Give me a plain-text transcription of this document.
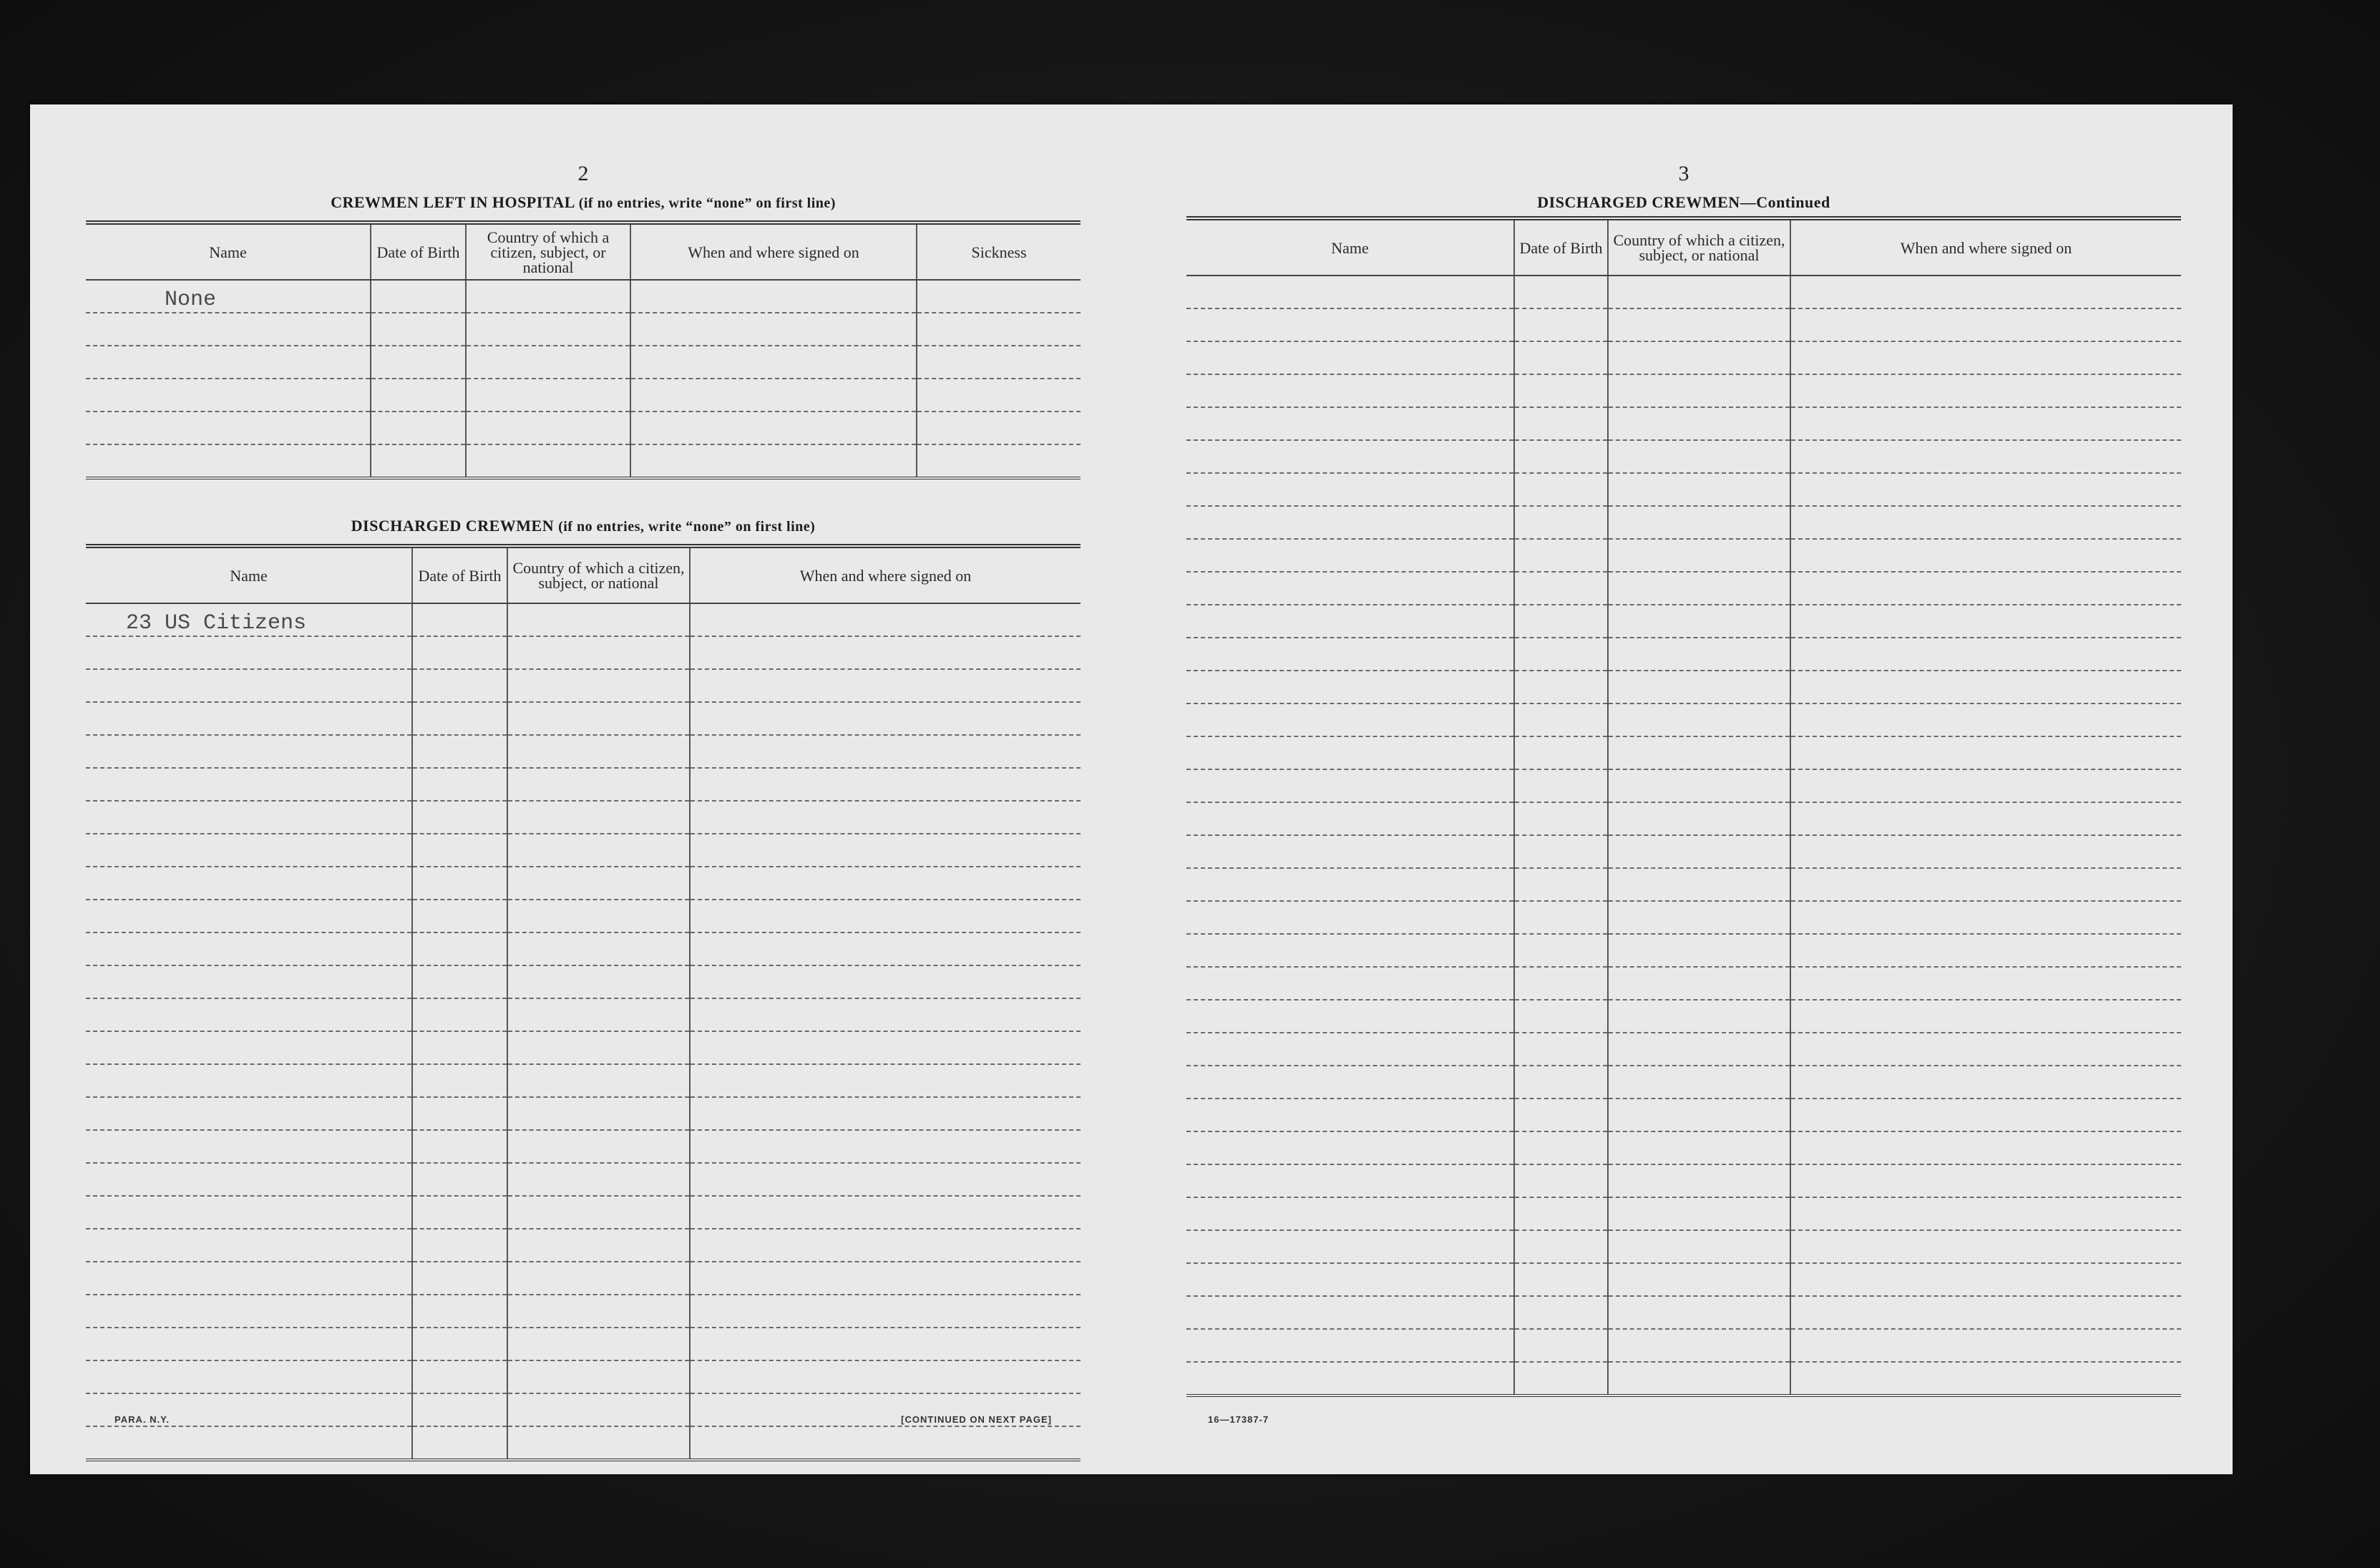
2
CREWMEN LEFT IN HOSPITAL (if no entries, write “none” on first line)
Name	Date of Birth	Country of which a citizen, subject, or national	When and where signed on	Sickness
None				

DISCHARGED CREWMEN (if no entries, write “none” on first line)
Name	Date of Birth	Country of which a citizen, subject, or national	When and where signed on
23 US Citizens			

PARA. N.Y.	[CONTINUED ON NEXT PAGE]
3
DISCHARGED CREWMEN—Continued
Name	Date of Birth	Country of which a citizen, subject, or national	When and where signed on

16—17387-7
